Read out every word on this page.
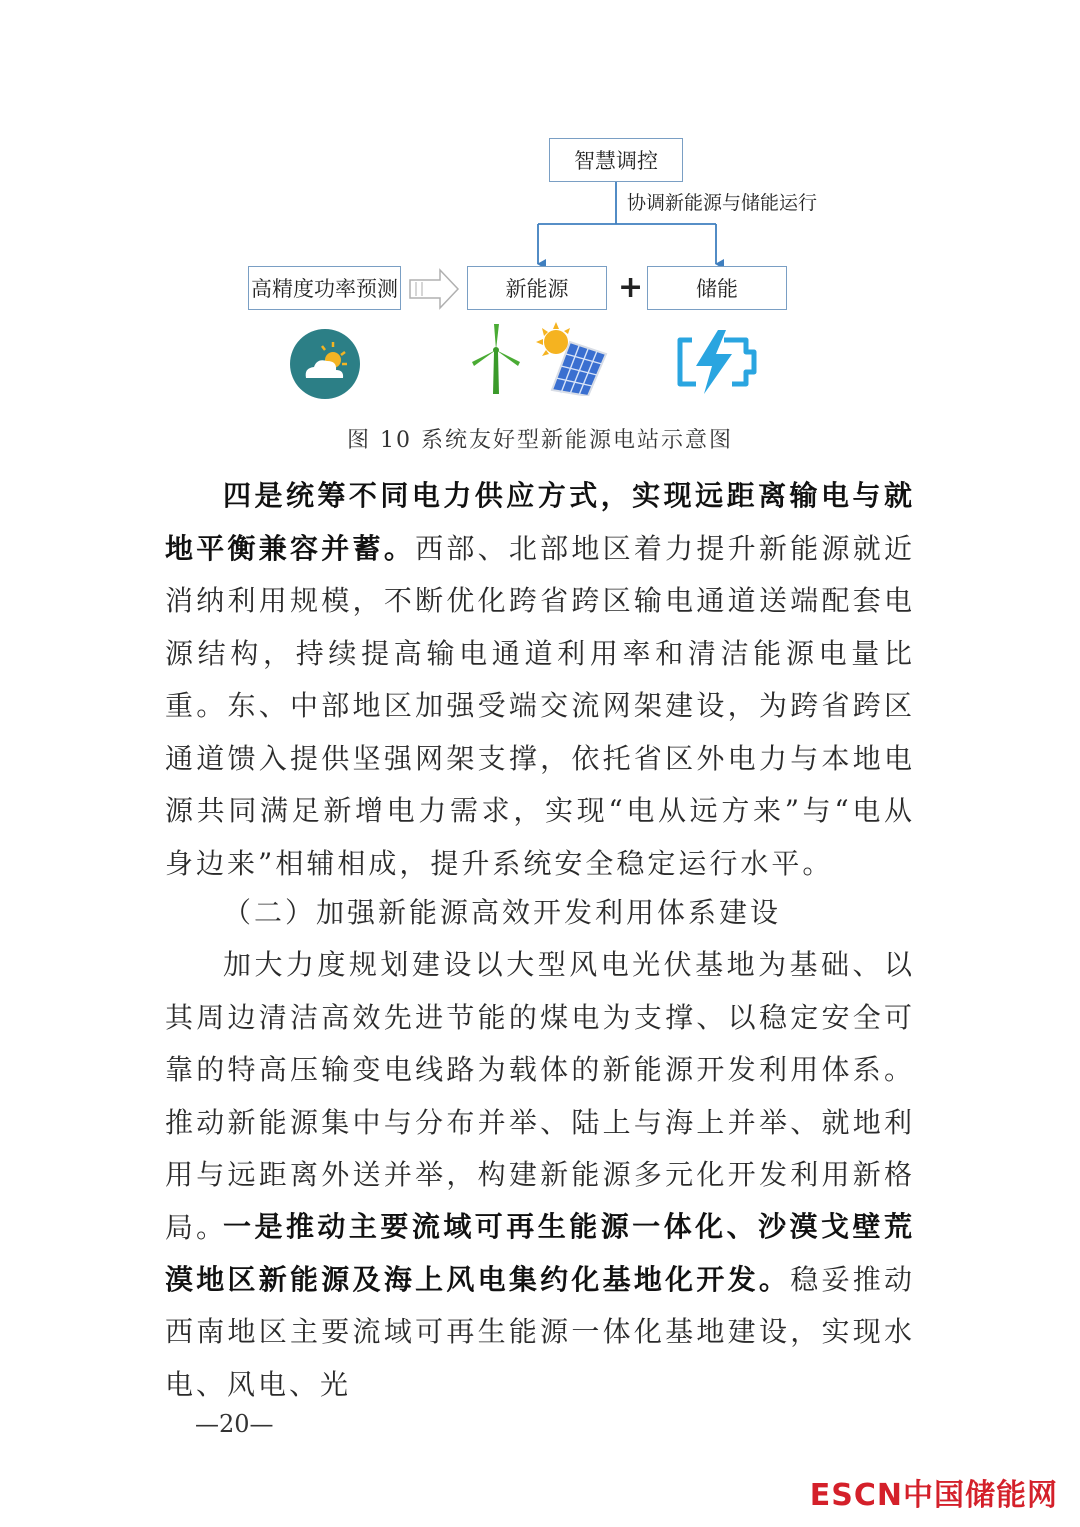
智慧调控
协调新能源与储能运行
高精度功率预测	新能源	+	储能
图 10 系统友好型新能源电站示意图
四是统筹不同电力供应方式，实现远距离输电与就地平衡兼容并蓄。西部、北部地区着力提升新能源就近消纳利用规模，不断优化跨省跨区输电通道送端配套电源结构，持续提高输电通道利用率和清洁能源电量比重。东、中部地区加强受端交流网架建设，为跨省跨区通道馈入提供坚强网架支撑，依托省区外电力与本地电源共同满足新增电力需求，实现“电从远方来”与“电从身边来”相辅相成，提升系统安全稳定运行水平。
（二）加强新能源高效开发利用体系建设
加大力度规划建设以大型风电光伏基地为基础、以其周边清洁高效先进节能的煤电为支撑、以稳定安全可靠的特高压输变电线路为载体的新能源开发利用体系。推动新能源集中与分布并举、陆上与海上并举、就地利用与远距离外送并举，构建新能源多元化开发利用新格局。
一是推动主要流域可再生能源一体化、沙漠戈壁荒漠地区新能源及海上风电集约化基地化开发。稳妥推动西南地区主要流域可再生能源一体化基地建设，实现水电、风电、光
—20—
ESCN中国储能网
